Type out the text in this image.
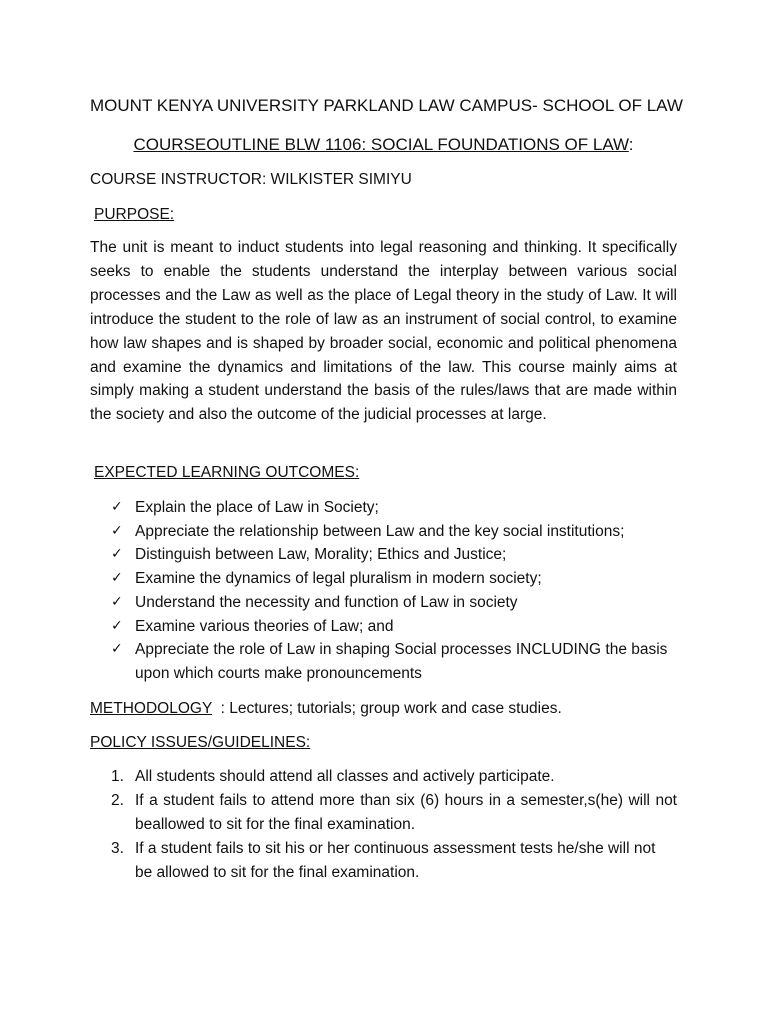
MOUNT KENYA UNIVERSITY PARKLAND LAW CAMPUS- SCHOOL OF LAW
COURSEOUTLINE BLW 1106: SOCIAL FOUNDATIONS OF LAW:
COURSE INSTRUCTOR: WILKISTER SIMIYU
PURPOSE:
The unit is meant to induct students into legal reasoning and thinking. It specifically seeks to enable the students understand the interplay between various social processes and the Law as well as the place of Legal theory in the study of Law. It will introduce the student to the role of law as an instrument of social control, to examine how law shapes and is shaped by broader social, economic and political phenomena and examine the dynamics and limitations of the law. This course mainly aims at simply making a student understand the basis of the rules/laws that are made within the society and also the outcome of the judicial processes at large.
EXPECTED LEARNING OUTCOMES:
✓ Explain the place of Law in Society;
✓ Appreciate the relationship between Law and the key social institutions;
✓ Distinguish between Law, Morality; Ethics and Justice;
✓ Examine the dynamics of legal pluralism in modern society;
✓ Understand the necessity and function of Law in society
✓ Examine various theories of Law; and
✓ Appreciate the role of Law in shaping Social processes INCLUDING the basis upon which courts make pronouncements
METHODOLOGY  : Lectures; tutorials; group work and case studies.
POLICY ISSUES/GUIDELINES:
1. All students should attend all classes and actively participate.
2. If a student fails to attend more than six (6) hours in a semester,s(he) will not beallowed to sit for the final examination.
3. If a student fails to sit his or her continuous assessment tests he/she will not
be allowed to sit for the final examination.
